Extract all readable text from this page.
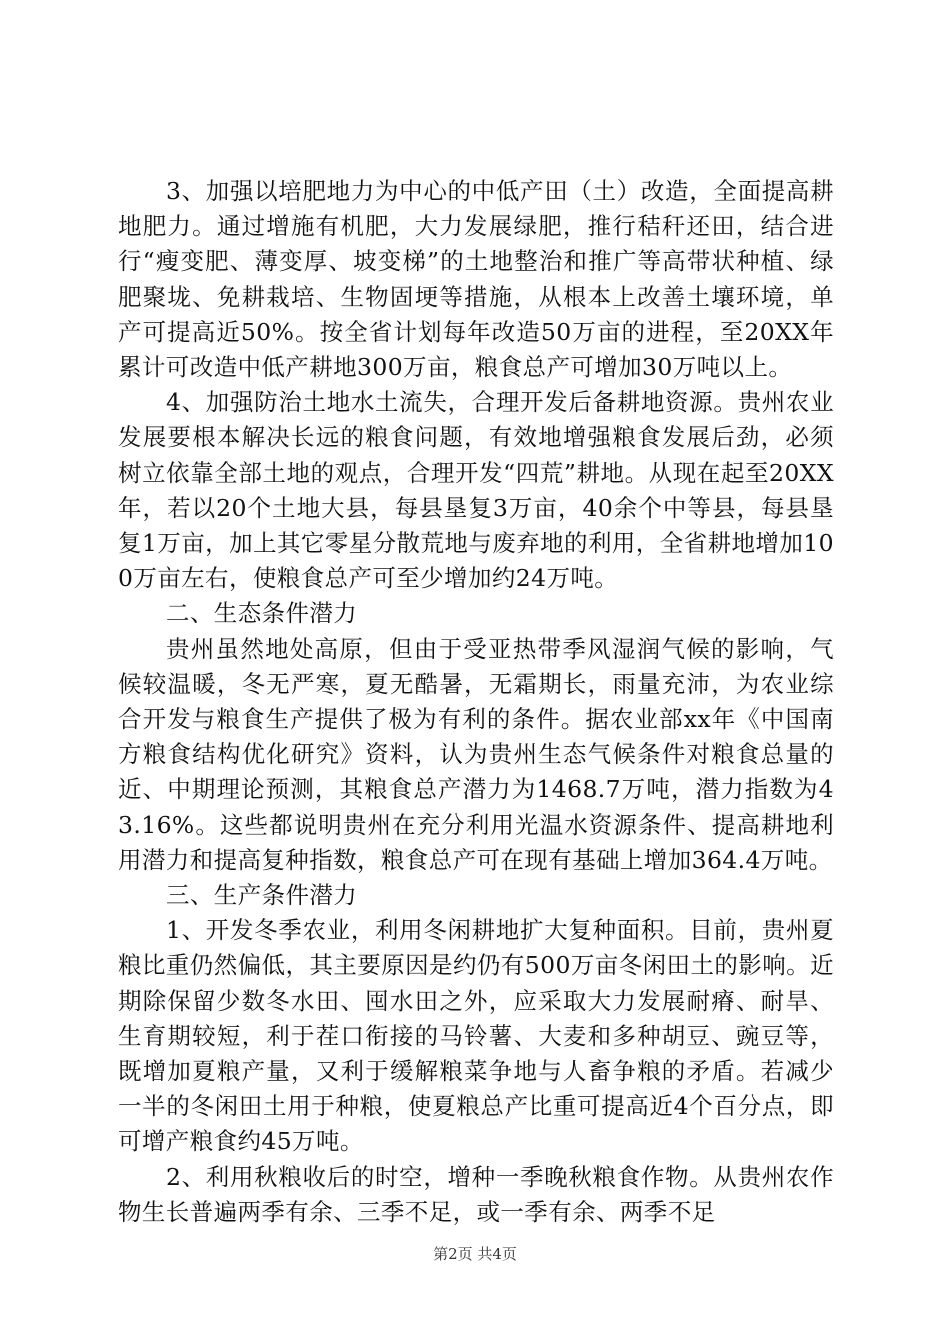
3、加强以培肥地力为中心的中低产田（土）改造，全面提高耕地肥力。通过增施有机肥，大力发展绿肥，推行秸秆还田，结合进行“瘦变肥、薄变厚、坡变梯”的土地整治和推广等高带状种植、绿肥聚垅、免耕栽培、生物固埂等措施，从根本上改善土壤环境，单产可提高近50%。按全省计划每年改造50万亩的进程，至20XX年累计可改造中低产耕地300万亩，粮食总产可增加30万吨以上。

4、加强防治土地水土流失，合理开发后备耕地资源。贵州农业发展要根本解决长远的粮食问题，有效地增强粮食发展后劲，必须树立依靠全部土地的观点，合理开发“四荒”耕地。从现在起至20XX年，若以20个土地大县，每县垦复3万亩，40余个中等县，每县垦复1万亩，加上其它零星分散荒地与废弃地的利用，全省耕地增加100万亩左右，使粮食总产可至少增加约24万吨。

二、生态条件潜力

贵州虽然地处高原，但由于受亚热带季风湿润气候的影响，气候较温暖，冬无严寒，夏无酷暑，无霜期长，雨量充沛，为农业综合开发与粮食生产提供了极为有利的条件。据农业部xx年《中国南方粮食结构优化研究》资料，认为贵州生态气候条件对粮食总量的近、中期理论预测，其粮食总产潜力为1468.7万吨，潜力指数为43.16%。这些都说明贵州在充分利用光温水资源条件、提高耕地利用潜力和提高复种指数，粮食总产可在现有基础上增加364.4万吨。

三、生产条件潜力

1、开发冬季农业，利用冬闲耕地扩大复种面积。目前，贵州夏粮比重仍然偏低，其主要原因是约仍有500万亩冬闲田土的影响。近期除保留少数冬水田、囤水田之外，应采取大力发展耐瘠、耐旱、生育期较短，利于茬口衔接的马铃薯、大麦和多种胡豆、豌豆等，既增加夏粮产量，又利于缓解粮菜争地与人畜争粮的矛盾。若减少一半的冬闲田土用于种粮，使夏粮总产比重可提高近4个百分点，即可增产粮食约45万吨。

2、利用秋粮收后的时空，增种一季晚秋粮食作物。从贵州农作物生长普遍两季有余、三季不足，或一季有余、两季不足

第2页 共4页
